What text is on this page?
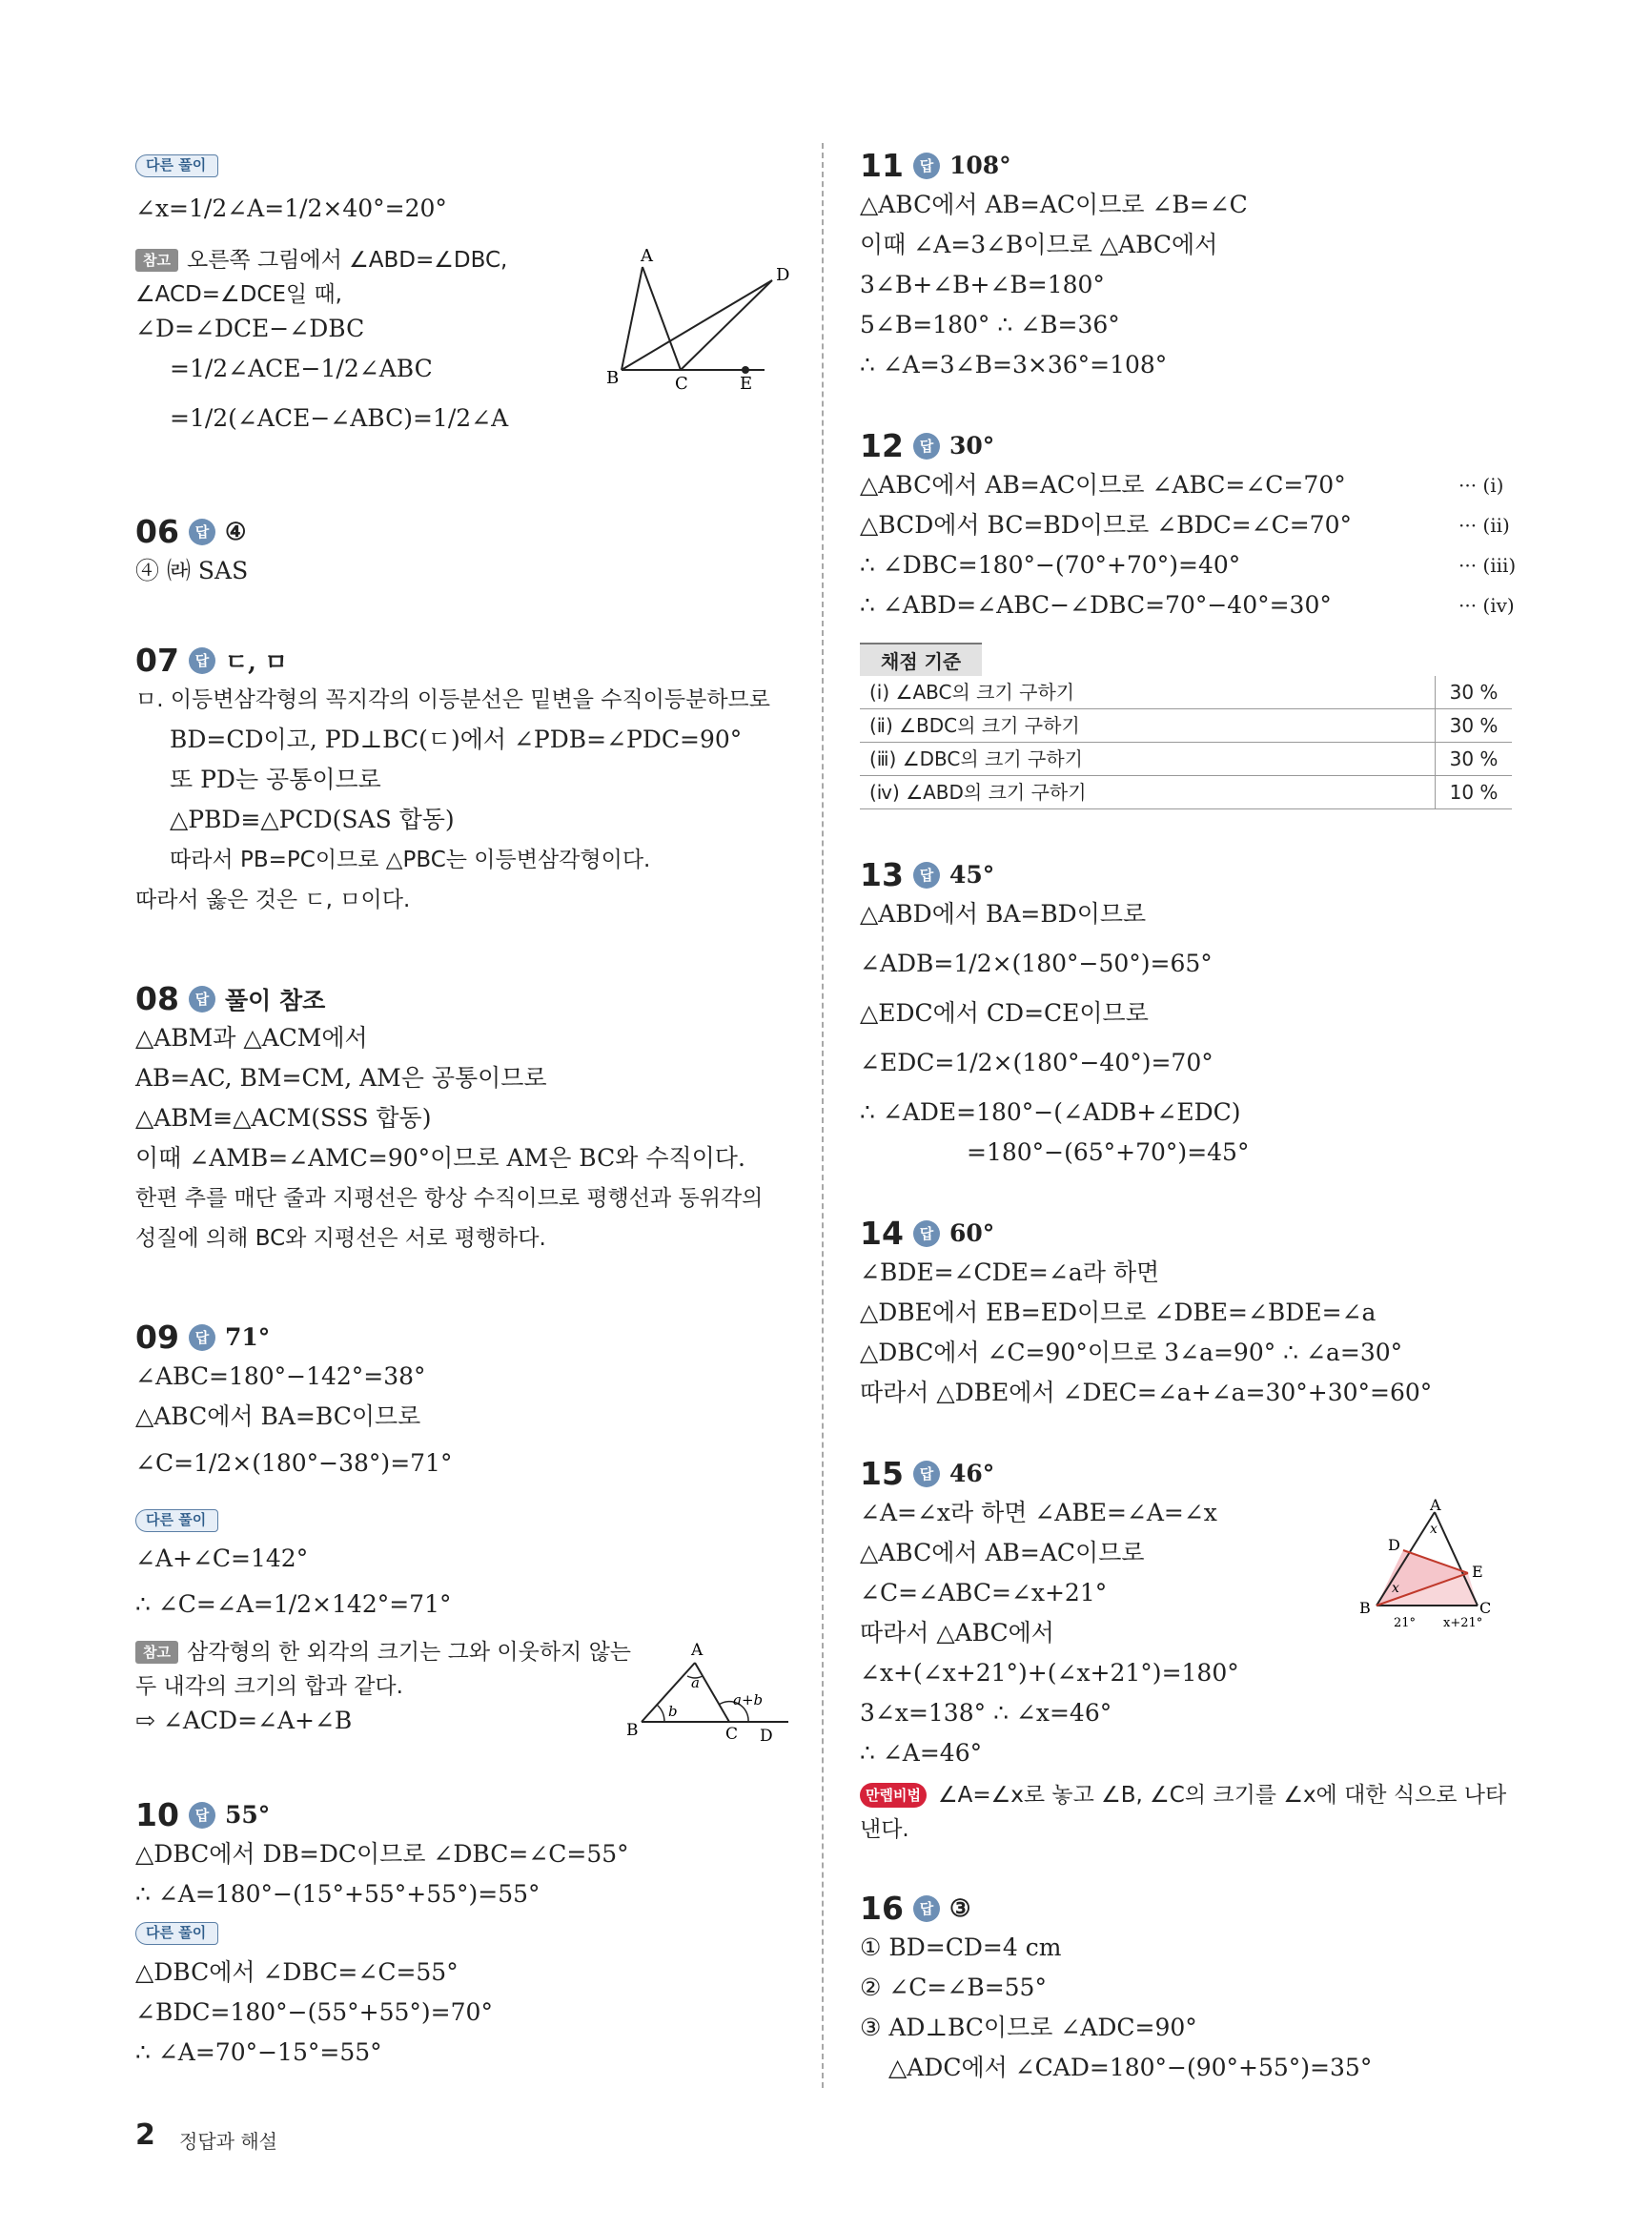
다른 풀이
∠x=1/2∠A=1/2×40°=20°
참고 오른쪽 그림에서 ∠ABD=∠DBC,
∠ACD=∠DCE일 때,
∠D=∠DCE−∠DBC
=1/2∠ACE−1/2∠ABC
=1/2(∠ACE−∠ABC)=1/2∠A
A
D
B	C	E
06	답 ④
④ ㈑ SAS
07	답 ㄷ, ㅁ
ㅁ. 이등변삼각형의 꼭지각의 이등분선은 밑변을 수직이등분하므로
BD=CD이고, PD⊥BC(ㄷ)에서 ∠PDB=∠PDC=90°
또 PD는 공통이므로
△PBD≡△PCD(SAS 합동)
따라서 PB=PC이므로 △PBC는 이등변삼각형이다.
따라서 옳은 것은 ㄷ, ㅁ이다.
08	답 풀이 참조
△ABM과 △ACM에서
AB=AC, BM=CM, AM은 공통이므로
△ABM≡△ACM(SSS 합동)
이때 ∠AMB=∠AMC=90°이므로 AM은 BC와 수직이다.
한편 추를 매단 줄과 지평선은 항상 수직이므로 평행선과 동위각의
성질에 의해 BC와 지평선은 서로 평행하다.
09	답 71°
∠ABC=180°−142°=38°
△ABC에서 BA=BC이므로
∠C=1/2×(180°−38°)=71°
다른 풀이
∠A+∠C=142°
∴ ∠C=∠A=1/2×142°=71°
참고 삼각형의 한 외각의 크기는 그와 이웃하지 않는
두 내각의 크기의 합과 같다.
⇨ ∠ACD=∠A+∠B
A
a
b
a+b
B	C D
10	답 55°
△DBC에서 DB=DC이므로 ∠DBC=∠C=55°
∴ ∠A=180°−(15°+55°+55°)=55°
다른 풀이
△DBC에서 ∠DBC=∠C=55°
∠BDC=180°−(55°+55°)=70°
∴ ∠A=70°−15°=55°
11	답 108°
△ABC에서 AB=AC이므로 ∠B=∠C
이때 ∠A=3∠B이므로 △ABC에서
3∠B+∠B+∠B=180°
5∠B=180° ∴ ∠B=36°
∴ ∠A=3∠B=3×36°=108°
12	답 30°
△ABC에서 AB=AC이므로 ∠ABC=∠C=70°	··· (ⅰ)
△BCD에서 BC=BD이므로 ∠BDC=∠C=70°	··· (ⅱ)
∴ ∠DBC=180°−(70°+70°)=40°	··· (ⅲ)
∴ ∠ABD=∠ABC−∠DBC=70°−40°=30°	··· (ⅳ)
채점 기준
(ⅰ) ∠ABC의 크기 구하기	30 %
(ⅱ) ∠BDC의 크기 구하기	30 %
(ⅲ) ∠DBC의 크기 구하기	30 %
(ⅳ) ∠ABD의 크기 구하기	10 %
13	답 45°
△ABD에서 BA=BD이므로
∠ADB=1/2×(180°−50°)=65°
△EDC에서 CD=CE이므로
∠EDC=1/2×(180°−40°)=70°
∴ ∠ADE=180°−(∠ADB+∠EDC)
=180°−(65°+70°)=45°
14	답 60°
∠BDE=∠CDE=∠a라 하면
△DBE에서 EB=ED이므로 ∠DBE=∠BDE=∠a
△DBC에서 ∠C=90°이므로 3∠a=90° ∴ ∠a=30°
따라서 △DBE에서 ∠DEC=∠a+∠a=30°+30°=60°
15	답 46°
∠A=∠x라 하면 ∠ABE=∠A=∠x
△ABC에서 AB=AC이므로
∠C=∠ABC=∠x+21°
따라서 △ABC에서
∠x+(∠x+21°)+(∠x+21°)=180°
3∠x=138° ∴ ∠x=46°
∴ ∠A=46°
만렙비법 ∠A=∠x로 놓고 ∠B, ∠C의 크기를 ∠x에 대한 식으로 나타
낸다.
A
x
D
E
x
B	C
21° x+21°
16	답 ③
① BD=CD=4 cm
② ∠C=∠B=55°
③ AD⊥BC이므로 ∠ADC=90°
△ADC에서 ∠CAD=180°−(90°+55°)=35°
2 정답과 해설
